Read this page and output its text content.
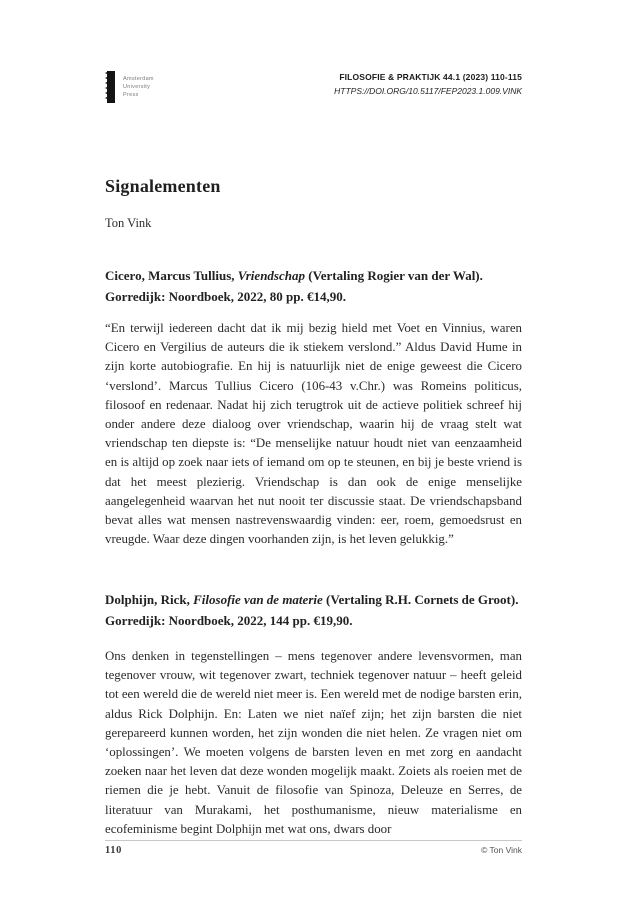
Amsterdam
University
Press
FILOSOFIE & PRAKTIJK 44.1 (2023) 110-115
HTTPS://DOI.ORG/10.5117/FEP2023.1.009.VINK
Signalementen
Ton Vink
Cicero, Marcus Tullius, Vriendschap (Vertaling Rogier van der Wal). Gorredijk: Noordboek, 2022, 80 pp. €14,90.

“En terwijl iedereen dacht dat ik mij bezig hield met Voet en Vinnius, waren Cicero en Vergilius de auteurs die ik stiekem verslond.” Aldus David Hume in zijn korte autobiografie. En hij is natuurlijk niet de enige geweest die Cicero ‘verslond’. Marcus Tullius Cicero (106-43 v.Chr.) was Romeins politicus, filosoof en redenaar. Nadat hij zich terugtrok uit de actieve politiek schreef hij onder andere deze dialoog over vriendschap, waarin hij de vraag stelt wat vriendschap ten diepste is: “De menselijke natuur houdt niet van eenzaamheid en is altijd op zoek naar iets of iemand om op te steunen, en bij je beste vriend is dat het meest plezierig. Vriendschap is dan ook de enige menselijke aangelegenheid waarvan het nut nooit ter discussie staat. De vriendschapsband bevat alles wat mensen nastrevenswaardig vinden: eer, roem, gemoedsrust en vreugde. Waar deze dingen voorhanden zijn, is het leven gelukkig.”

Dolphijn, Rick, Filosofie van de materie (Vertaling R.H. Cornets de Groot). Gorredijk: Noordboek, 2022, 144 pp. €19,90.

Ons denken in tegenstellingen – mens tegenover andere levensvormen, man tegenover vrouw, wit tegenover zwart, techniek tegenover natuur – heeft geleid tot een wereld die de wereld niet meer is. Een wereld met de nodige barsten erin, aldus Rick Dolphijn. En: Laten we niet naïef zijn; het zijn barsten die niet gerepareerd kunnen worden, het zijn wonden die niet helen. Ze vragen niet om ‘oplossingen’. We moeten volgens de barsten leven en met zorg en aandacht zoeken naar het leven dat deze wonden mogelijk maakt. Zoiets als roeien met de riemen die je hebt. Vanuit de filosofie van Spinoza, Deleuze en Serres, de literatuur van Murakami, het posthumanisme, nieuw materialisme en ecofeminisme begint Dolphijn met wat ons, dwars door

110	© Ton Vink
